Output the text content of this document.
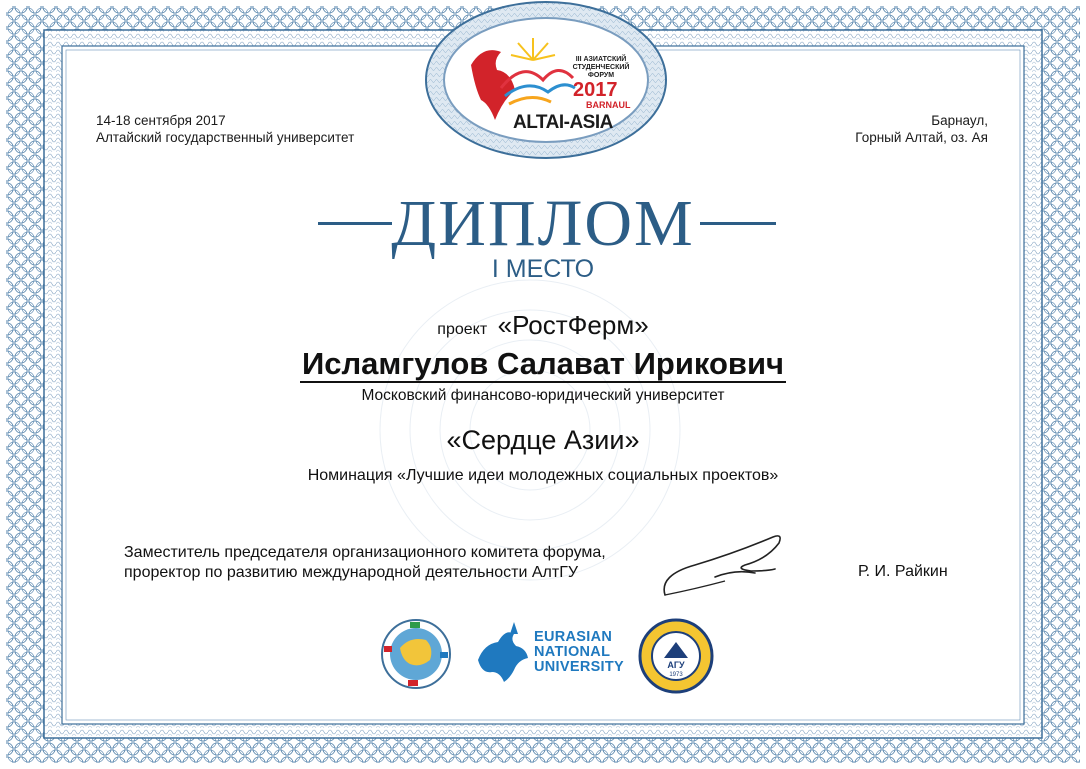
III АЗИАТСКИЙ
СТУДЕНЧЕСКИЙ
ФОРУМ
2017
BARNAUL
ALTAI-ASIA
14-18 сентября 2017
Алтайский государственный университет
Барнаул,
Горный Алтай, оз. Ая
ДИПЛОМ
I МЕСТО
проект «РостФерм»
Исламгулов Салават Ирикович
Московский финансово-юридический университет
«Сердце Азии»
Номинация «Лучшие идеи молодежных социальных проектов»
Заместитель председателя организационного комитета форума,
проректор по развитию международной деятельности АлтГУ	Р. И. Райкин
EURASIAN
NATIONAL
UNIVERSITY	АГУ
1973
